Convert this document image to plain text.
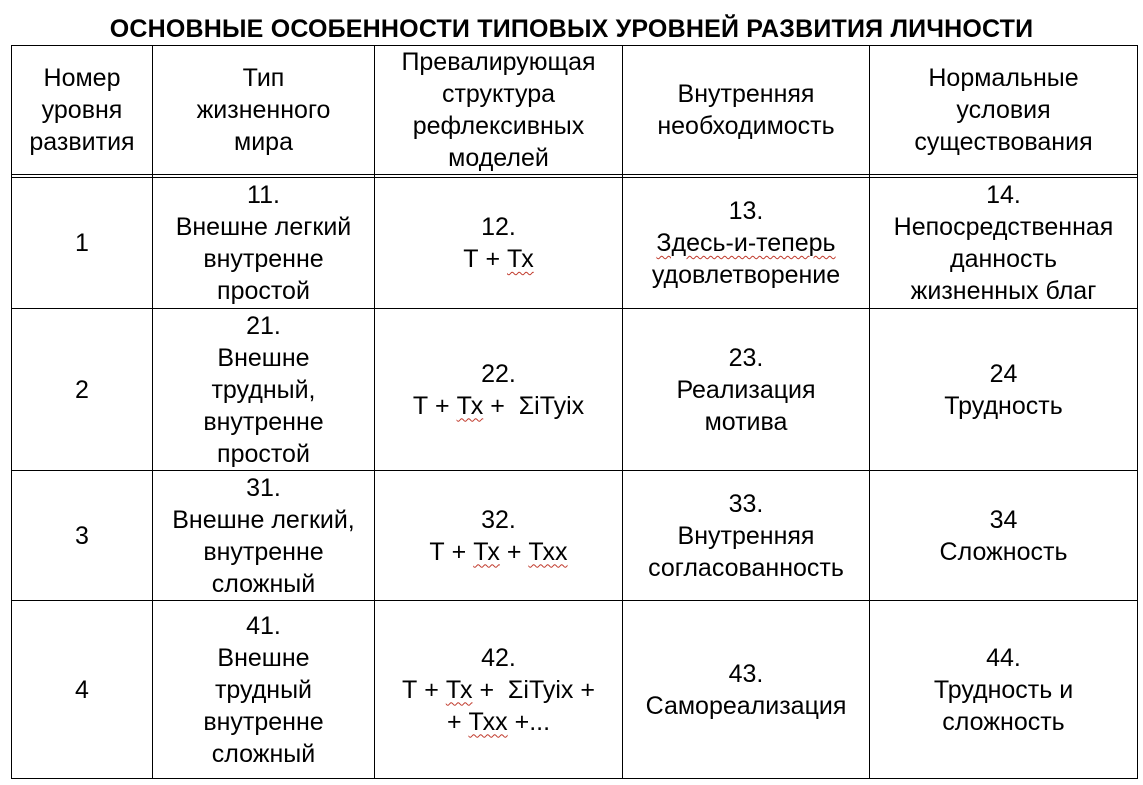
ОСНОВНЫЕ ОСОБЕННОСТИ ТИПОВЫХ УРОВНЕЙ РАЗВИТИЯ ЛИЧНОСТИ
Номер
уровня
развития	Тип
жизненного
мира	Превалирующая
структура
рефлексивных
моделей	Внутренняя
необходимость	Нормальные
условия
существования

1	11.
Внешне легкий
внутренне
простой	12.
Т + Тх	13.
Здесь-и-теперь
удовлетворение	14.
Непосредственная
данность
жизненных благ

2	21.
Внешне
трудный,
внутренне
простой	22.
Т + Тх +  ΣiTyix	23.
Реализация
мотива	24
Трудность

3	31.
Внешне легкий,
внутренне
сложный	32.
Т + Тх + Тхх	33.
Внутренняя
согласованность	34
Сложность

4	41.
Внешне
трудный
внутренне
сложный	42.
Т + Тх +  ΣiTyix +
+ Тхх +...	43.
Самореализация	44.
Трудность и
сложность
